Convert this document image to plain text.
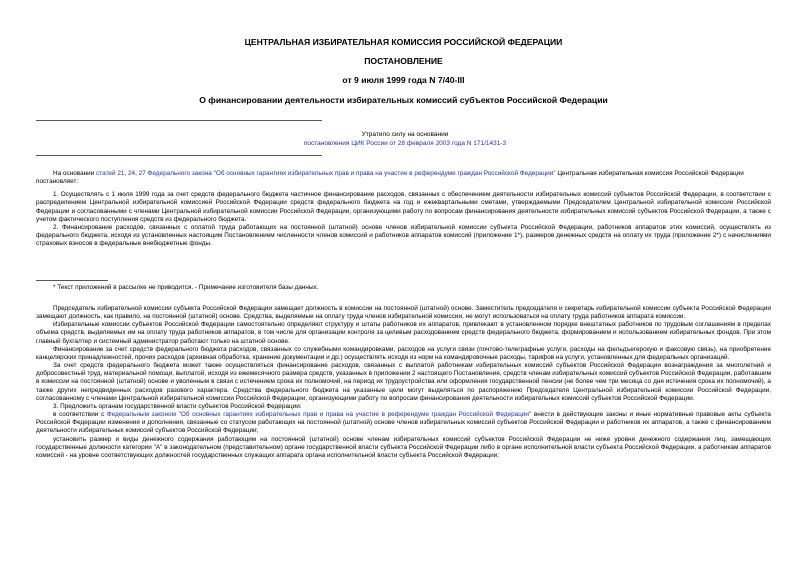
ЦЕНТРАЛЬНАЯ ИЗБИРАТЕЛЬНАЯ КОМИССИЯ РОССИЙСКОЙ ФЕДЕРАЦИИ
ПОСТАНОВЛЕНИЕ
от 9 июля 1999 года N 7/40-III
О финансировании деятельности избирательных комиссий субъектов Российской Федерации
Утратило силу на основании
постановления ЦИК России от 28 февраля 2003 года N 171/1431-3

На основании статей 21, 24, 27 Федерального закона "Об основных гарантиях избирательных прав и права на участие в референдуме граждан Российской Федерации" Центральная избирательная комиссия Российской Федерации

постановляет:

1. Осуществлять с 1 июля 1999 года за счет средств федерального бюджета частичное финансирование расходов, связанных с обеспечением деятельности избирательных комиссий субъектов Российской Федерации, в соответствии с распределением Центральной избирательной комиссией Российской Федерации средств федерального бюджета на год и ежеквартальными сметами, утверждаемыми Председателем Центральной избирательной комиссии Российской Федерации и согласованными с членами Центральной избирательной комиссии Российской Федерации, организующими работу по вопросам финансирования деятельности избирательных комиссий субъектов Российской Федерации, а также с учетом фактического поступления средств из федерального бюджета.

2. Финансирование расходов, связанных с оплатой труда работающих на постоянной (штатной) основе членов избирательной комиссии субъекта Российской Федерации, работников аппаратов этих комиссий, осуществлять из федерального бюджета, исходя из установленных настоящим Постановлением численности членов комиссий и работников аппаратов комиссий (приложение 1*), размеров денежных средств на оплату их труда (приложение 2*) с начислениями страховых взносов в федеральные внебюджетные фонды.

* Текст приложений в рассылке не приводится. - Примечание изготовителя базы данных.

Председатель избирательной комиссии субъекта Российской Федерации замещает должность в комиссии на постоянной (штатной) основе. Заместитель председателя и секретарь избирательной комиссии субъекта Российской Федерации замещают должность, как правило, на постоянной (штатной) основе. Средства, выделяемые на оплату труда членов избирательной комиссии, не могут использоваться на оплату труда работников аппарата комиссии.

Избирательные комиссии субъектов Российской Федерации самостоятельно определяют структуру и штаты работников их аппаратов, привлекают в установленном порядке внештатных работников по трудовым соглашениям в пределах объема средств, выделяемых им на оплату труда работников аппаратов, в том числе для организации контроля за целевым расходованием средств федерального бюджета, формированием и использованием избирательных фондов. При этом главный бухгалтер и системный администратор работают только на штатной основе.

Финансирование за счет средств федерального бюджета расходов, связанных со служебными командировками, расходов на услуги связи (почтово-телеграфные услуги, расходы на фельдъегерскую и факсовую связь), на приобретение канцелярских принадлежностей, прочих расходов (архивная обработка, хранение документации и др.) осуществлять исходя из норм на командировочные расходы, тарифов на услуги, установленных для федеральных организаций.

За счет средств федерального бюджета может также осуществляться финансирование расходов, связанных с выплатой работникам избирательных комиссий субъектов Российской Федерации вознаграждения за многолетний и добросовестный труд, материальной помощи, выплатой, исходя из ежемесячного размера средств, указанных в приложении 2 настоящего Постановления, средств членам избирательных комиссий субъектов Российской Федерации, работавшим в комиссии на постоянной (штатной) основе и уволенным в связи с истечением срока их полномочий, на период их трудоустройства или оформления государственной пенсии (не более чем три месяца со дня истечения срока их полномочий), а также других непредвиденных расходов разового характера. Средства федерального бюджета на указанные цели могут выделяться по распоряжению Председателя Центральной избирательной комиссии Российской Федерации, согласованному с членами Центральной избирательной комиссии Российской Федерации, организующими работу по вопросам финансирования деятельности избирательных комиссий субъектов Российской Федерации.

3. Предложить органам государственной власти субъектов Российской Федерации:

в соответствии с Федеральным законом "Об основных гарантиях избирательных прав и права на участие в референдуме граждан Российской Федерации" внести в действующие законы и иные нормативные правовые акты субъекта Российской Федерации изменения и дополнения, связанные со статусом работающих на постоянной (штатной) основе членов избирательных комиссий субъектов Российской Федерации и работников их аппаратов, а также с финансированием деятельности избирательных комиссий субъектов Российской Федерации;

установить размер и виды денежного содержания работающим на постоянной (штатной) основе членам избирательных комиссий субъектов Российской Федерации не ниже уровня денежного содержания лиц, замещающих государственные должности категории "А" в законодательном (представительном) органе государственной власти субъекта Российской Федерации либо в органе исполнительной власти субъекта Российской Федерации, а работникам аппаратов комиссий - на уровне соответствующих должностей государственных служащих аппарата органа исполнительной власти субъекта Российской Федерации;
